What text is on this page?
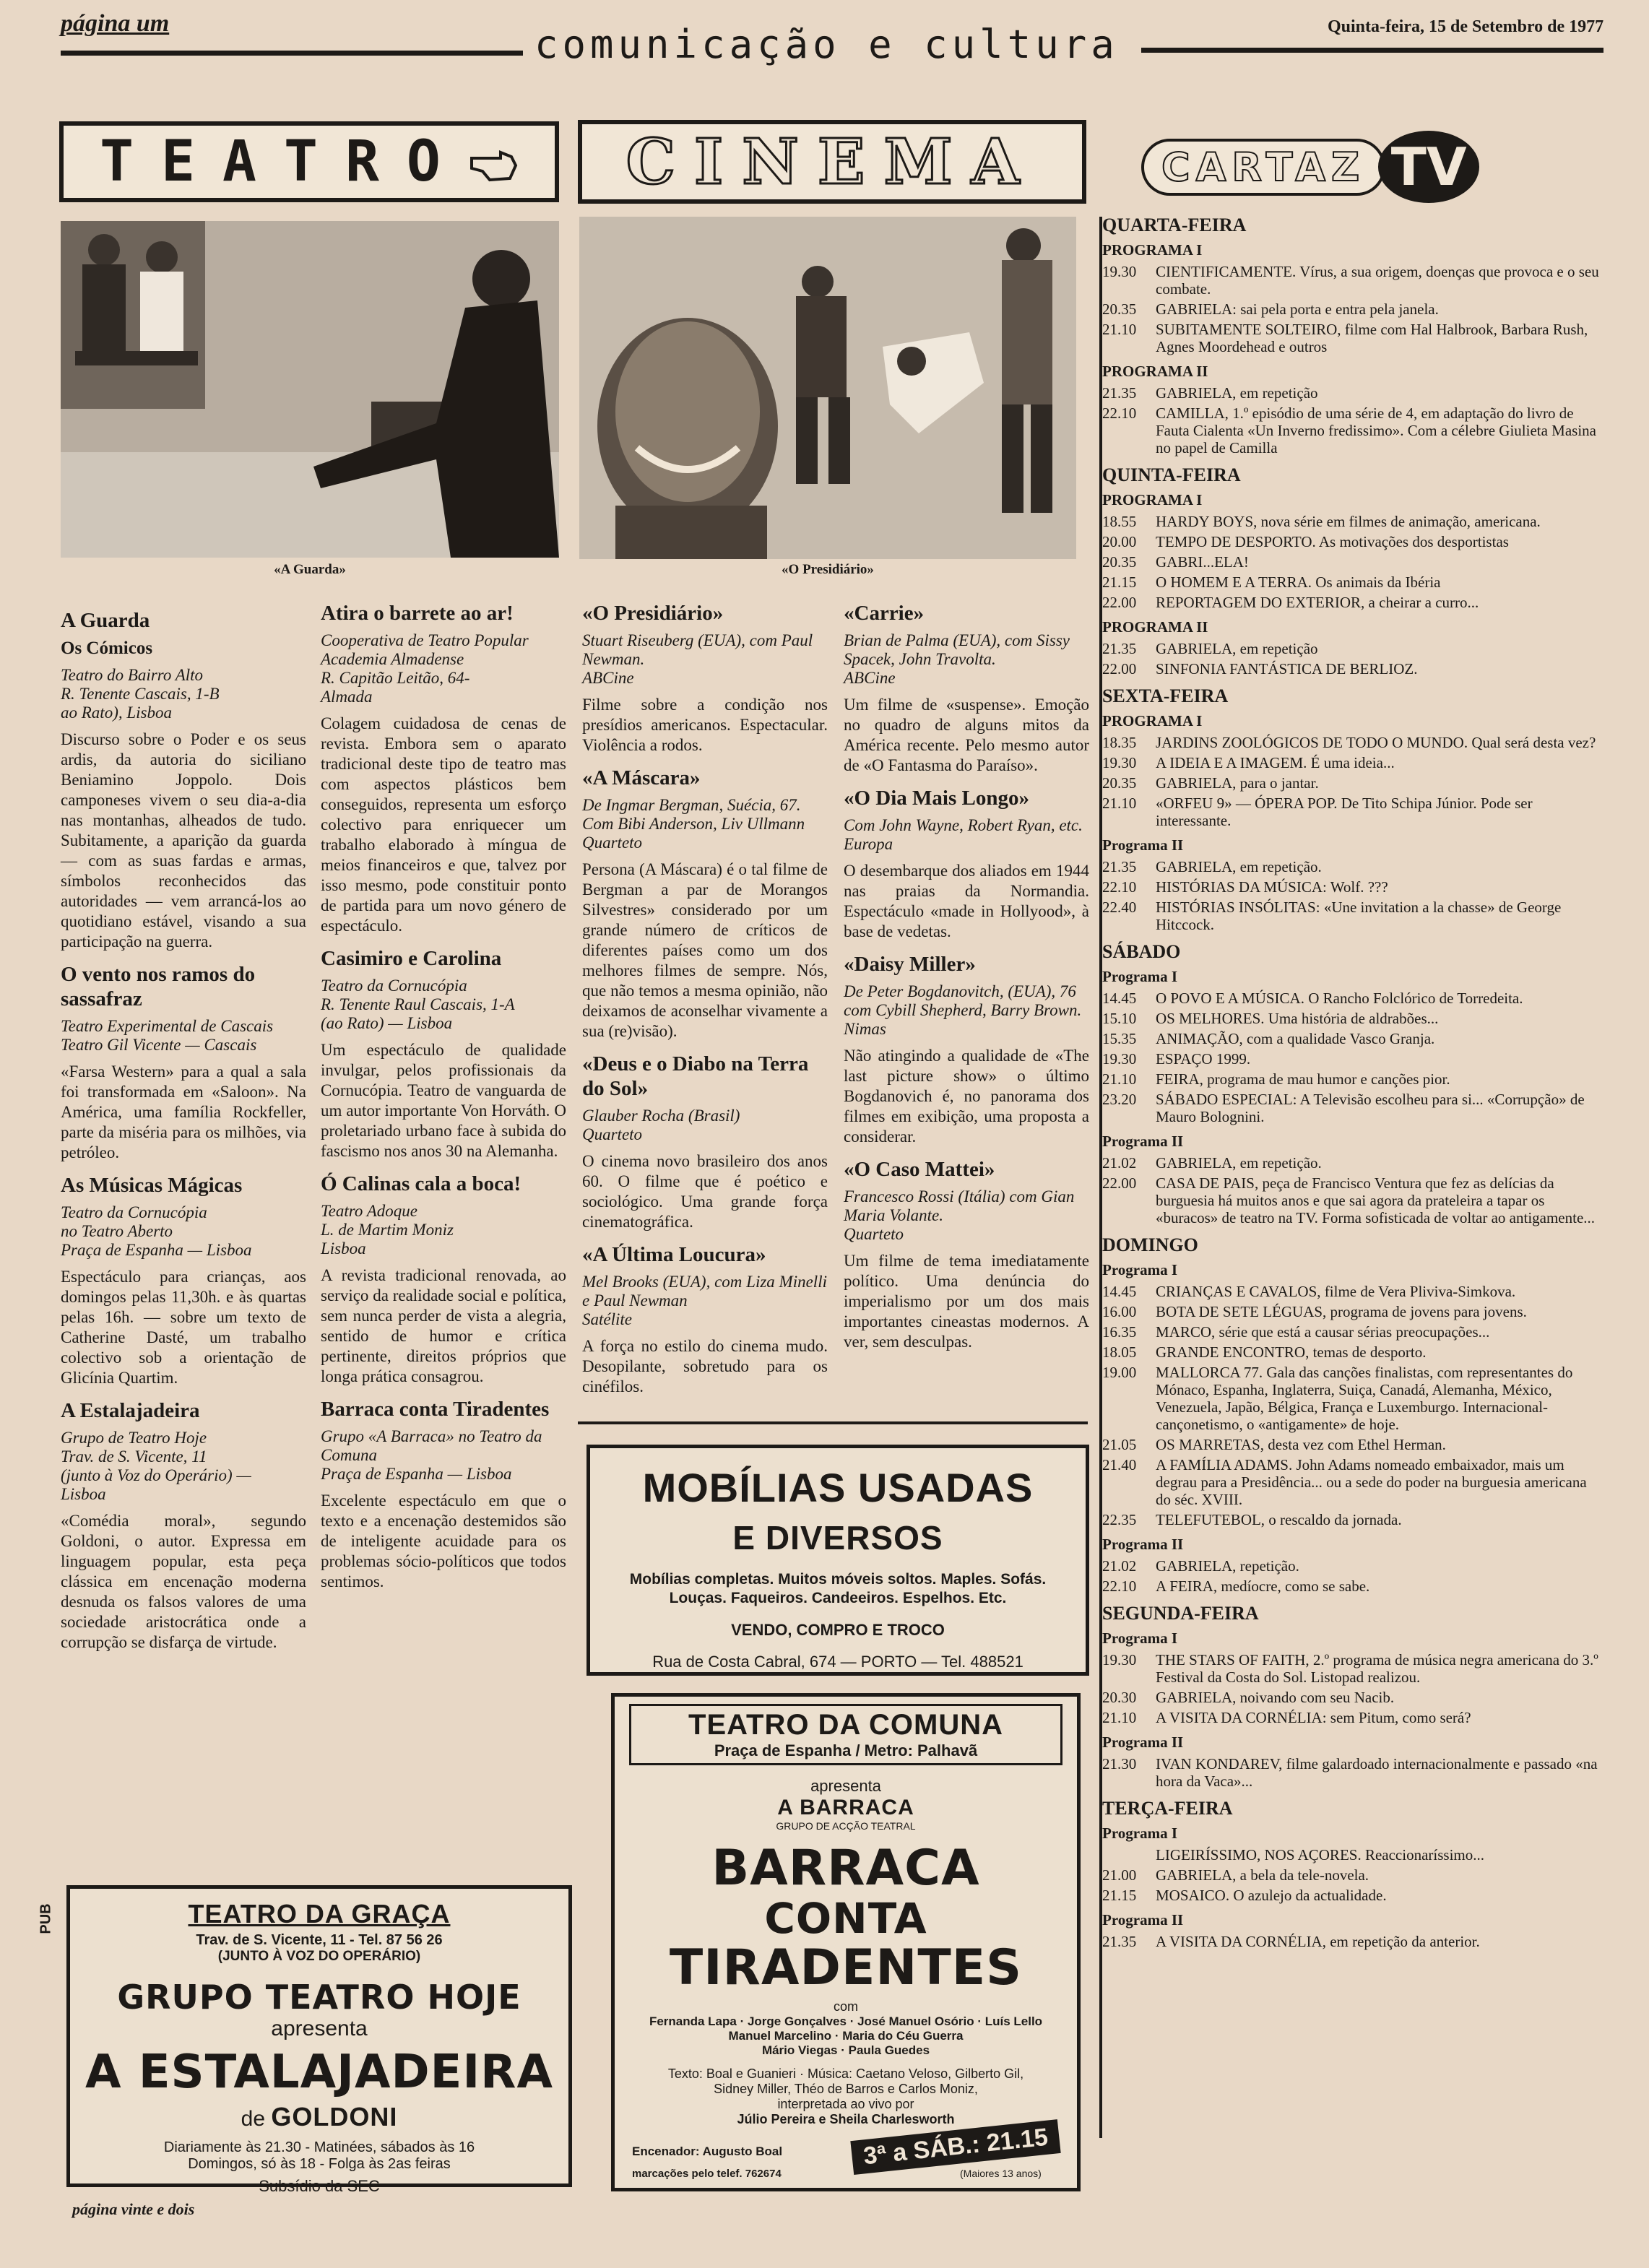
página um	comunicação e cultura	Quinta-feira, 15 de Setembro de 1977
TEATRO	CINEMA	CARTAZ TV
«A Guarda»	«O Presidiário»
A Guarda
Os Cómicos
Teatro do Bairro Alto
R. Tenente Cascais, 1-B
ao Rato), Lisboa

Discurso sobre o Poder e os seus ardis, da autoria do siciliano Beniamino Joppolo. Dois camponeses vivem o seu dia-a-dia nas montanhas, alheados de tudo. Subitamente, a aparição da guarda — com as suas fardas e armas, símbolos reconhecidos das autoridades — vem arrancá-los ao quotidiano estável, visando a sua participação na guerra.

O vento nos ramos do sassafraz
Teatro Experimental de Cascais
Teatro Gil Vicente — Cascais

«Farsa Western» para a qual a sala foi transformada em «Saloon». Na América, uma família Rockfeller, parte da miséria para os milhões, via petróleo.

As Músicas Mágicas
Teatro da Cornucópia
no Teatro Aberto
Praça de Espanha — Lisboa

Espectáculo para crianças, aos domingos pelas 11,30h. e às quartas pelas 16h. — sobre um texto de Catherine Dasté, um trabalho colectivo sob a orientação de Glicínia Quartim.

A Estalajadeira
Grupo de Teatro Hoje
Trav. de S. Vicente, 11
(junto à Voz do Operário) —
Lisboa

«Comédia moral», segundo Goldoni, o autor. Expressa em linguagem popular, esta peça clássica em encenação moderna desnuda os falsos valores de uma sociedade aristocrática onde a corrupção se disfarça de virtude.

Atira o barrete ao ar!
Cooperativa de Teatro Popular
Academia Almadense
R. Capitão Leitão, 64-
Almada

Colagem cuidadosa de cenas de revista. Embora sem o aparato tradicional deste tipo de teatro mas com aspectos plásticos bem conseguidos, representa um esforço colectivo para enriquecer um trabalho elaborado à míngua de meios financeiros e que, talvez por isso mesmo, pode constituir ponto de partida para um novo género de espectáculo.

Casimiro e Carolina
Teatro da Cornucópia
R. Tenente Raul Cascais, 1-A
(ao Rato) — Lisboa

Um espectáculo de qualidade invulgar, pelos profissionais da Cornucópia. Teatro de vanguarda de um autor importante Von Horváth. O proletariado urbano face à subida do fascismo nos anos 30 na Alemanha.

Ó Calinas cala a boca!
Teatro Adoque
L. de Martim Moniz
Lisboa

A revista tradicional renovada, ao serviço da realidade social e política, sem nunca perder de vista a alegria, sentido de humor e crítica pertinente, direitos próprios que longa prática consagrou.

Barraca conta Tiradentes
Grupo «A Barraca» no Teatro da Comuna
Praça de Espanha — Lisboa

Excelente espectáculo em que o texto e a encenação destemidos são de inteligente acuidade para os problemas sócio-políticos que todos sentimos.

«O Presidiário»
Stuart Riseuberg (EUA), com Paul Newman.
ABCine

Filme sobre a condição nos presídios americanos. Espectacular. Violência a rodos.

«A Máscara»
De Ingmar Bergman, Suécia, 67. Com Bibi Anderson, Liv Ullmann
Quarteto

Persona (A Máscara) é o tal filme de Bergman a par de Morangos Silvestres» considerado por um grande número de críticos de diferentes países como um dos melhores filmes de sempre. Nós, que não temos a mesma opinião, não deixamos de aconselhar vivamente a sua (re)visão).

«Deus e o Diabo na Terra do Sol»
Glauber Rocha (Brasil)
Quarteto

O cinema novo brasileiro dos anos 60. O filme que é poético e sociológico. Uma grande força cinematográfica.

«A Última Loucura»
Mel Brooks (EUA), com Liza Minelli e Paul Newman
Satélite

A força no estilo do cinema mudo. Desopilante, sobretudo para os cinéfilos.

«Carrie»
Brian de Palma (EUA), com Sissy Spacek, John Travolta.
ABCine

Um filme de «suspense». Emoção no quadro de alguns mitos da América recente. Pelo mesmo autor de «O Fantasma do Paraíso».

«O Dia Mais Longo»
Com John Wayne, Robert Ryan, etc.
Europa

O desembarque dos aliados em 1944 nas praias da Normandia. Espectáculo «made in Hollyood», à base de vedetas.

«Daisy Miller»
De Peter Bogdanovitch, (EUA), 76 com Cybill Shepherd, Barry Brown.
Nimas

Não atingindo a qualidade de «The last picture show» o último Bogdanovich é, no panorama dos filmes em exibição, uma proposta a considerar.

«O Caso Mattei»
Francesco Rossi (Itália) com Gian Maria Volante.
Quarteto

Um filme de tema imediatamente político. Uma denúncia do imperialismo por um dos mais importantes cineastas modernos. A ver, sem desculpas.

MOBÍLIAS USADAS
E DIVERSOS
Mobílias completas. Muitos móveis soltos. Maples. Sofás. Louças. Faqueiros. Candeeiros. Espelhos. Etc.
VENDO, COMPRO E TROCO
Rua de Costa Cabral, 674 — PORTO — Tel. 488521
PUB	TEATRO DA GRAÇA
Trav. de S. Vicente, 11 - Tel. 87 56 26
(JUNTO À VOZ DO OPERÁRIO)
GRUPO TEATRO HOJE
apresenta
A ESTALAJADEIRA
de GOLDONI
Diariamente às 21.30 - Matinées, sábados às 16
Domingos, só às 18 - Folga às 2as feiras
Subsídio da SEC
TEATRO DA COMUNA
Praça de Espanha / Metro: Palhavã
apresenta
A BARRACA
GRUPO DE ACÇÃO TEATRAL
BARRACA
CONTA
TIRADENTES
com
Fernanda Lapa · Jorge Gonçalves · José Manuel Osório · Luís Lello
Manuel Marcelino · Maria do Céu Guerra
Mário Viegas · Paula Guedes
Texto: Boal e Guanieri · Música: Caetano Veloso, Gilberto Gil,
Sidney Miller, Théo de Barros e Carlos Moniz,
interpretada ao vivo por
Júlio Pereira e Sheila Charlesworth
Encenador: Augusto Boal
marcações pelo telef. 762674
3ª a SÁB.: 21.15
(Maiores 13 anos)
QUARTA-FEIRA
PROGRAMA I
19.30	CIENTIFICAMENTE. Vírus, a sua origem, doenças que provoca e o seu combate.
20.35	GABRIELA: sai pela porta e entra pela janela.
21.10	SUBITAMENTE SOLTEIRO, filme com Hal Halbrook, Barbara Rush, Agnes Moordehead e outros
PROGRAMA II
21.35	GABRIELA, em repetição
22.10	CAMILLA, 1.º episódio de uma série de 4, em adaptação do livro de Fauta Cialenta «Un Inverno fredissimo». Com a célebre Giulieta Masina no papel de Camilla
QUINTA-FEIRA
PROGRAMA I
18.55	HARDY BOYS, nova série em filmes de animação, americana.
20.00	TEMPO DE DESPORTO. As motivações dos desportistas
20.35	GABRI...ELA!
21.15	O HOMEM E A TERRA. Os animais da Ibéria
22.00	REPORTAGEM DO EXTERIOR, a cheirar a curro...
PROGRAMA II
21.35	GABRIELA, em repetição
22.00	SINFONIA FANTÁSTICA DE BERLIOZ.
SEXTA-FEIRA
PROGRAMA I
18.35	JARDINS ZOOLÓGICOS DE TODO O MUNDO. Qual será desta vez?
19.30	A IDEIA E A IMAGEM. É uma ideia...
20.35	GABRIELA, para o jantar.
21.10	«ORFEU 9» — ÓPERA POP. De Tito Schipa Júnior. Pode ser interessante.
Programa II
21.35	GABRIELA, em repetição.
22.10	HISTÓRIAS DA MÚSICA: Wolf. ???
22.40	HISTÓRIAS INSÓLITAS: «Une invitation a la chasse» de George Hitccock.
SÁBADO
Programa I
14.45	O POVO E A MÚSICA. O Rancho Folclórico de Torredeita.
15.10	OS MELHORES. Uma história de aldrabões...
15.35	ANIMAÇÃO, com a qualidade Vasco Granja.
19.30	ESPAÇO 1999.
21.10	FEIRA, programa de mau humor e canções pior.
23.20	SÁBADO ESPECIAL: A Televisão escolheu para si... «Corrupção» de Mauro Bolognini.
Programa II
21.02	GABRIELA, em repetição.
22.00	CASA DE PAIS, peça de Francisco Ventura que fez as delícias da burguesia há muitos anos e que sai agora da prateleira a tapar os «buracos» de teatro na TV. Forma sofisticada de voltar ao antigamente...
DOMINGO
Programa I
14.45	CRIANÇAS E CAVALOS, filme de Vera Pliviva-Simkova.
16.00	BOTA DE SETE LÉGUAS, programa de jovens para jovens.
16.35	MARCO, série que está a causar sérias preocupações...
18.05	GRANDE ENCONTRO, temas de desporto.
19.00	MALLORCA 77. Gala das canções finalistas, com representantes do Mónaco, Espanha, Inglaterra, Suiça, Canadá, Alemanha, México, Venezuela, Japão, Bélgica, França e Luxemburgo. Internacional-cançonetismo, o «antigamente» de hoje.
21.05	OS MARRETAS, desta vez com Ethel Herman.
21.40	A FAMÍLIA ADAMS. John Adams nomeado embaixador, mais um degrau para a Presidência... ou a sede do poder na burguesia americana do séc. XVIII.
22.35	TELEFUTEBOL, o rescaldo da jornada.
Programa II
21.02	GABRIELA, repetição.
22.10	A FEIRA, medíocre, como se sabe.
SEGUNDA-FEIRA
Programa I
19.30	THE STARS OF FAITH, 2.º programa de música negra americana do 3.º Festival da Costa do Sol. Listopad realizou.
20.30	GABRIELA, noivando com seu Nacib.
21.10	A VISITA DA CORNÉLIA: sem Pitum, como será?
Programa II
21.30	IVAN KONDAREV, filme galardoado internacionalmente e passado «na hora da Vaca»...
TERÇA-FEIRA
Programa I
LIGEIRÍSSIMO, NOS AÇORES. Reaccionaríssimo...
21.00	GABRIELA, a bela da tele-novela.
21.15	MOSAICO. O azulejo da actualidade.
Programa II
21.35	A VISITA DA CORNÉLIA, em repetição da anterior.
página vinte e dois
